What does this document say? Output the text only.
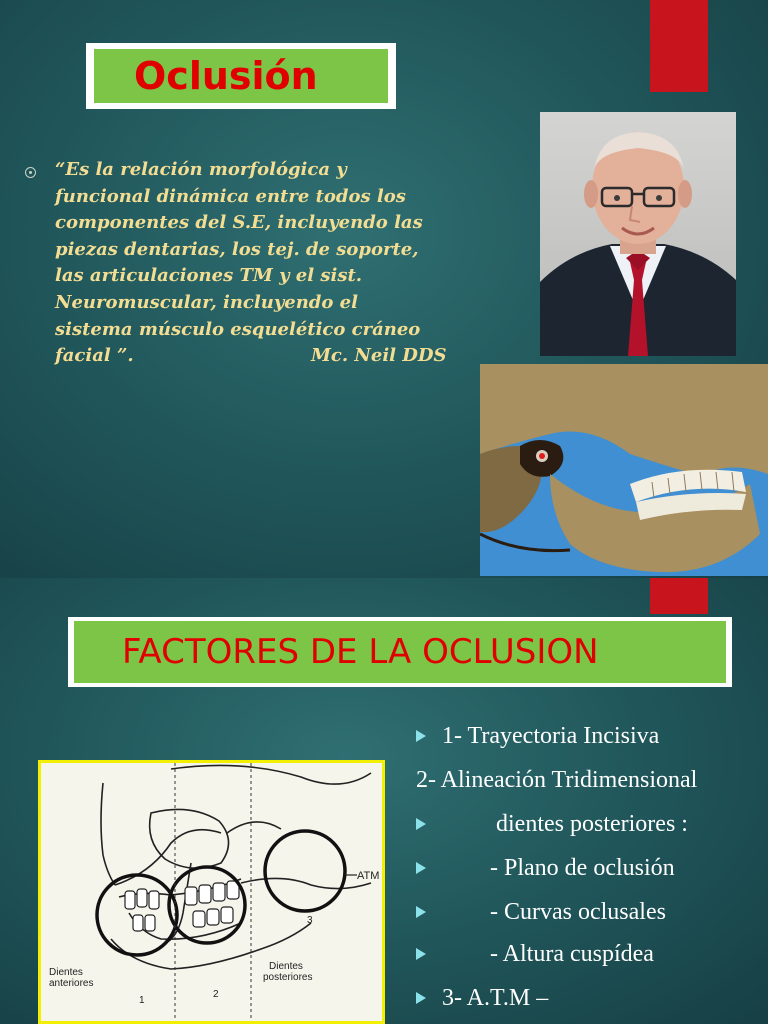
Oclusión
“Es la relación morfológica y
funcional dinámica entre todos los
componentes del S.E, incluyendo las
piezas dentarias, los tej. de soporte,
las articulaciones TM y el sist.
Neuromuscular, incluyendo el
sistema músculo esquelético cráneo
facial ”.	Mc. Neil DDS
FACTORES DE LA OCLUSION
1- Trayectoria Incisiva
2- Alineación Tridimensional
dientes posteriores :
- Plano de oclusión
- Curvas oclusales
- Altura cuspídea
3- A.T.M –
ATM
3
Dientes
anteriores
Dientes
posteriores
1
2
